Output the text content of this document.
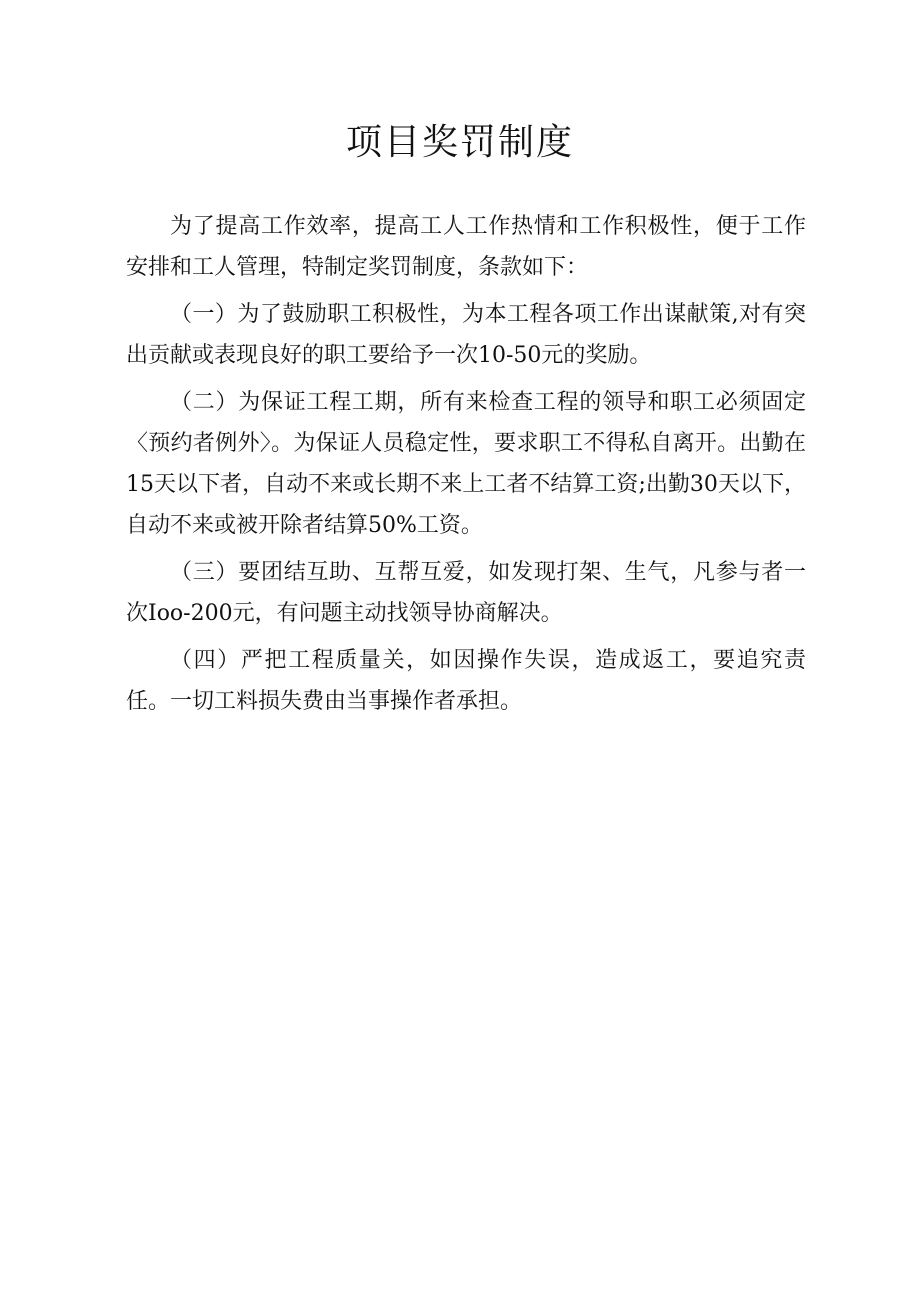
项目奖罚制度

为了提高工作效率，提高工人工作热情和工作积极性，便于工作安排和工人管理，特制定奖罚制度，条款如下：

（一）为了鼓励职工积极性，为本工程各项工作出谋献策,对有突出贡献或表现良好的职工要给予一次10-50元的奖励。

（二）为保证工程工期，所有来检查工程的领导和职工必须固定〈预约者例外〉。为保证人员稳定性，要求职工不得私自离开。出勤在15天以下者，自动不来或长期不来上工者不结算工资;出勤30天以下，自动不来或被开除者结算50%工资。

（三）要团结互助、互帮互爱，如发现打架、生气，凡参与者一次Ioo-200元，有问题主动找领导协商解决。

（四）严把工程质量关，如因操作失误，造成返工，要追究责任。一切工料损失费由当事操作者承担。
